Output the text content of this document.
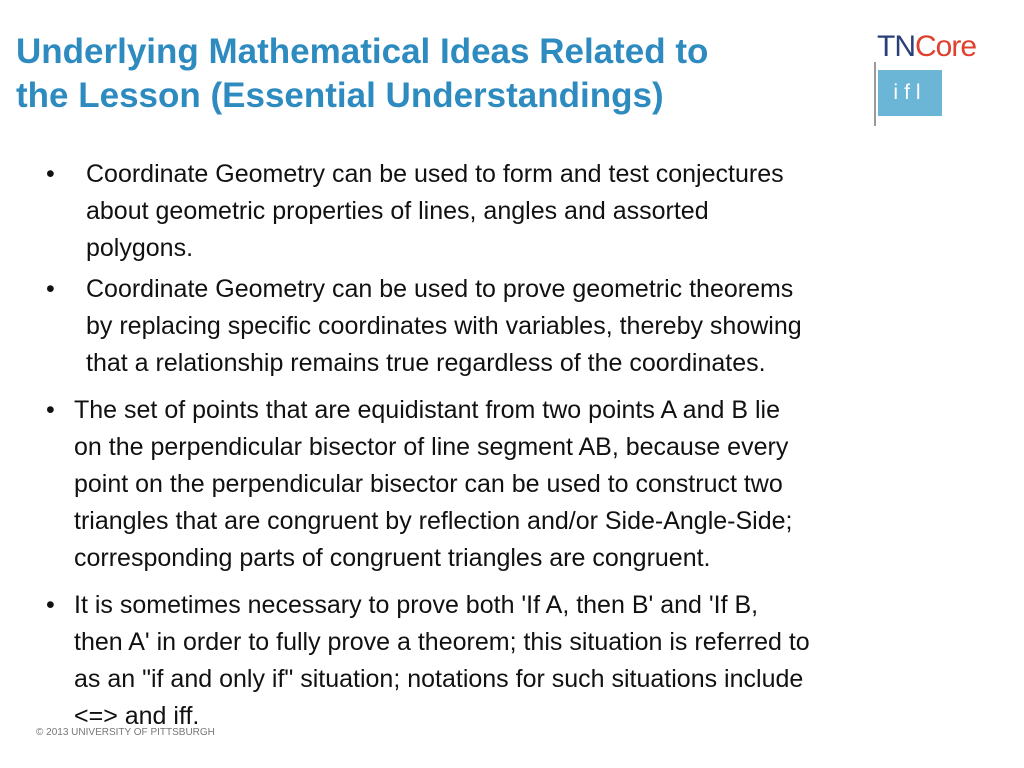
Underlying Mathematical Ideas Related to
the Lesson (Essential Understandings)
TNCore
ifl
• Coordinate Geometry can be used to form and test conjectures
about geometric properties of lines, angles and assorted
polygons.
• Coordinate Geometry can be used to prove geometric theorems
by replacing specific coordinates with variables, thereby showing
that a relationship remains true regardless of the coordinates.
• The set of points that are equidistant from two points A and B lie
on the perpendicular bisector of line segment AB, because every
point on the perpendicular bisector can be used to construct two
triangles that are congruent by reflection and/or Side-Angle-Side;
corresponding parts of congruent triangles are congruent.
• It is sometimes necessary to prove both 'If A, then B' and 'If B,
then A' in order to fully prove a theorem; this situation is referred to
as an "if and only if" situation; notations for such situations include
<=> and iff.
© 2013 UNIVERSITY OF PITTSBURGH
